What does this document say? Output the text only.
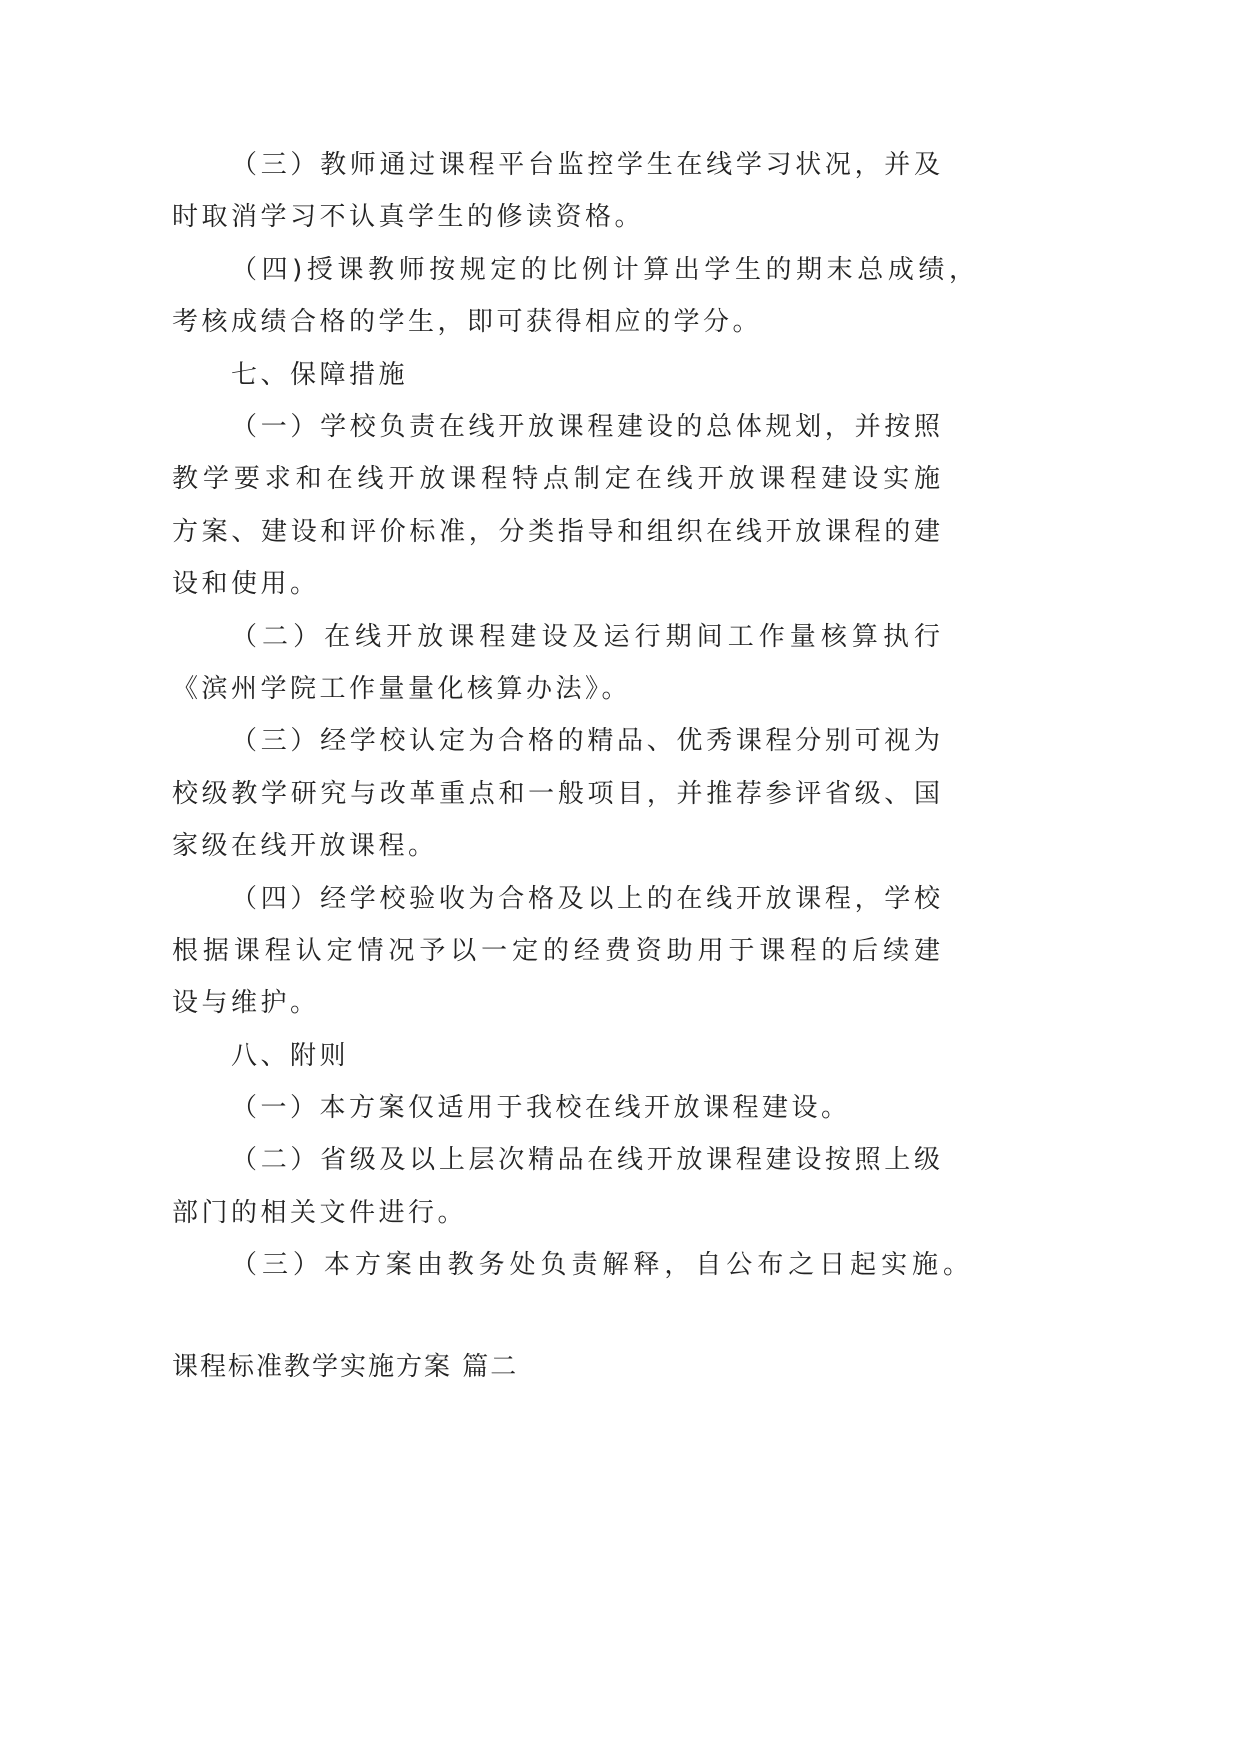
（三）教师通过课程平台监控学生在线学习状况，并及
时取消学习不认真学生的修读资格。
（四)授课教师按规定的比例计算出学生的期末总成绩，
考核成绩合格的学生，即可获得相应的学分。
七、保障措施
（一）学校负责在线开放课程建设的总体规划，并按照
教学要求和在线开放课程特点制定在线开放课程建设实施
方案、建设和评价标准，分类指导和组织在线开放课程的建
设和使用。
（二）在线开放课程建设及运行期间工作量核算执行
《滨州学院工作量量化核算办法》。
（三）经学校认定为合格的精品、优秀课程分别可视为
校级教学研究与改革重点和一般项目，并推荐参评省级、国
家级在线开放课程。
（四）经学校验收为合格及以上的在线开放课程，学校
根据课程认定情况予以一定的经费资助用于课程的后续建
设与维护。
八、附则
（一）本方案仅适用于我校在线开放课程建设。
（二）省级及以上层次精品在线开放课程建设按照上级
部门的相关文件进行。
（三）本方案由教务处负责解释，自公布之日起实施。
课程标准教学实施方案 篇二
